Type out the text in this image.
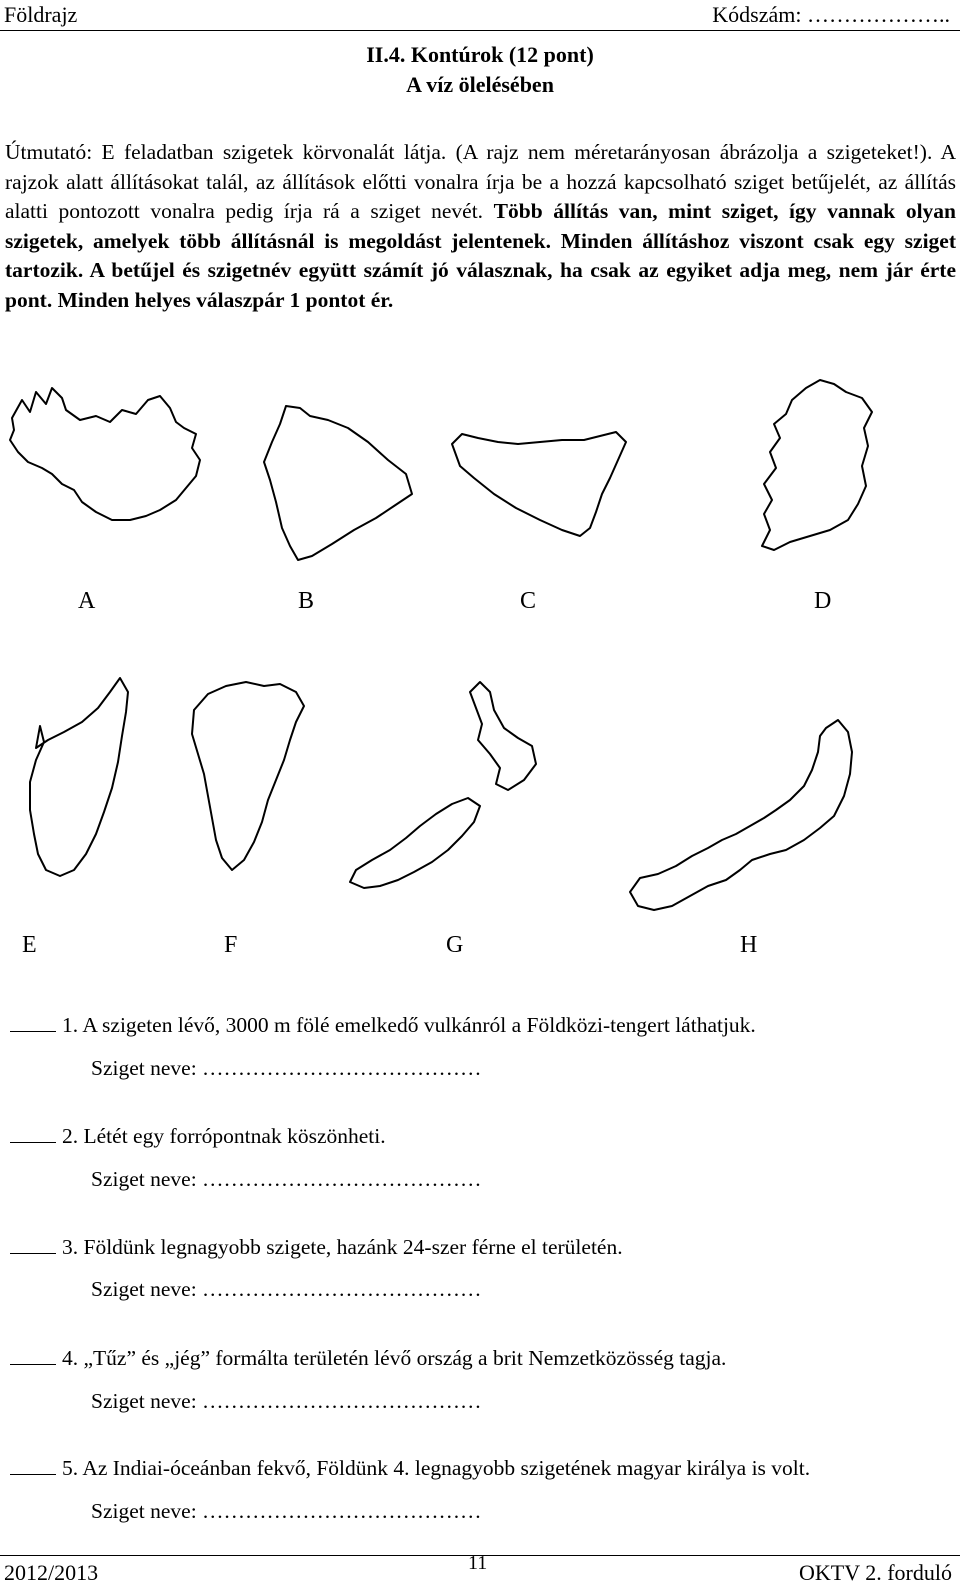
Földrajz	Kódszám: ………………..
II.4. Kontúrok (12 pont)
A víz ölelésében
Útmutató: E feladatban szigetek körvonalát látja. (A rajz nem méretarányosan ábrázolja a szigeteket!). A rajzok alatt állításokat talál, az állítások előtti vonalra írja be a hozzá kapcsolható sziget betűjelét, az állítás alatti pontozott vonalra pedig írja rá a sziget nevét. Több állítás van, mint sziget, így vannak olyan szigetek, amelyek több állításnál is megoldást jelentenek. Minden állításhoz viszont csak egy sziget tartozik. A betűjel és szigetnév együtt számít jó válasznak, ha csak az egyiket adja meg, nem jár érte pont. Minden helyes válaszpár 1 pontot ér.
A	B	C	D
E	F	G	H
1. A szigeten lévő, 3000 m fölé emelkedő vulkánról a Földközi-tengert láthatjuk.
Sziget neve: …………………………………
2. Létét egy forrópontnak köszönheti.
Sziget neve: …………………………………
3. Földünk legnagyobb szigete, hazánk 24-szer férne el területén.
Sziget neve: …………………………………
4. „Tűz” és „jég” formálta területén lévő ország a brit Nemzetközösség tagja.
Sziget neve: …………………………………
5. Az Indiai-óceánban fekvő, Földünk 4. legnagyobb szigetének magyar királya is volt.
Sziget neve: …………………………………
2012/2013	11	OKTV 2. forduló
